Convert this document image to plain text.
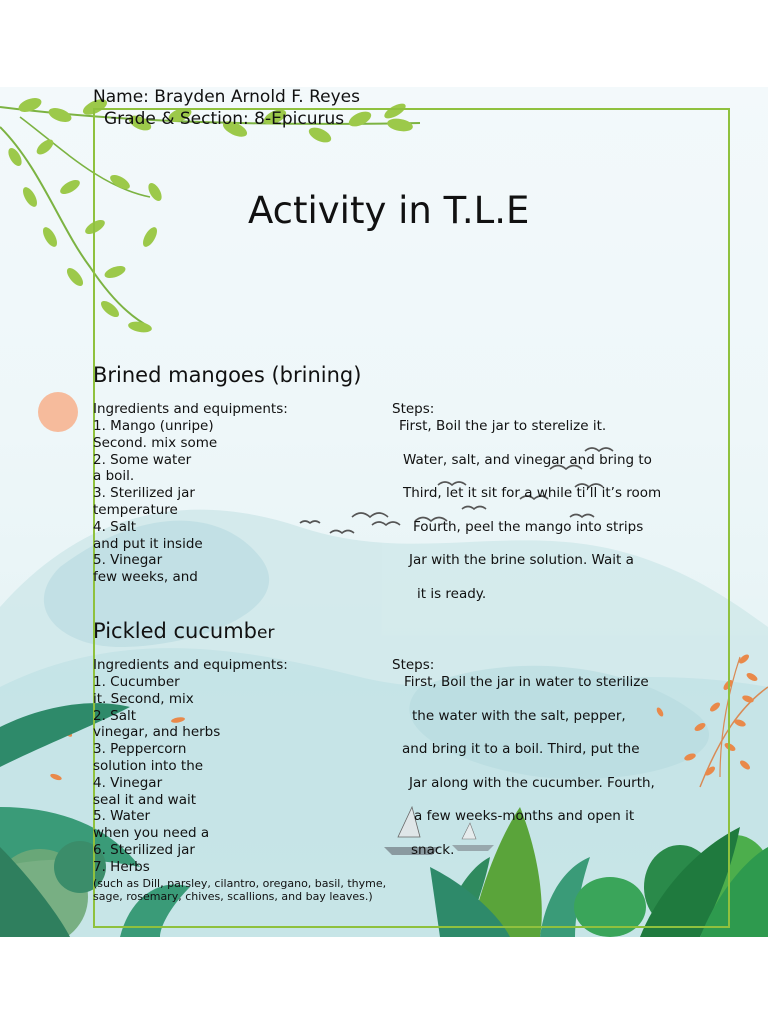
Name: Brayden Arnold F. Reyes
Grade & Section: 8-Epicurus
Activity in T.L.E
Brined mangoes (brining)
Ingredients and equipments:	Steps:
1. Mango (unripe)
Second. mix some
2. Some water
a boil.
3. Sterilized jar
temperature
4. Salt
and put it inside
5. Vinegar
few weeks, and
First, Boil the jar to sterelize it.
Water, salt, and vinegar and bring to
Third, let it sit for a while ti’ll it’s room
Fourth, peel the mango into strips
Jar with the brine solution. Wait a
it is ready.
Pickled cucumber
Ingredients and equipments:	Steps:
1. Cucumber
it. Second, mix
2. Salt
vinegar, and herbs
3. Peppercorn
solution into the
4. Vinegar
seal it and wait
5. Water
when you need a
6. Sterilized jar
7. Herbs
First, Boil the jar in water to sterilize
the water with the salt, pepper,
and bring it to a boil. Third, put the
Jar along with the cucumber. Fourth,
a few weeks-months and open it
snack.
(such as Dill, parsley, cilantro, oregano, basil, thyme,
sage, rosemary, chives, scallions, and bay leaves.)
